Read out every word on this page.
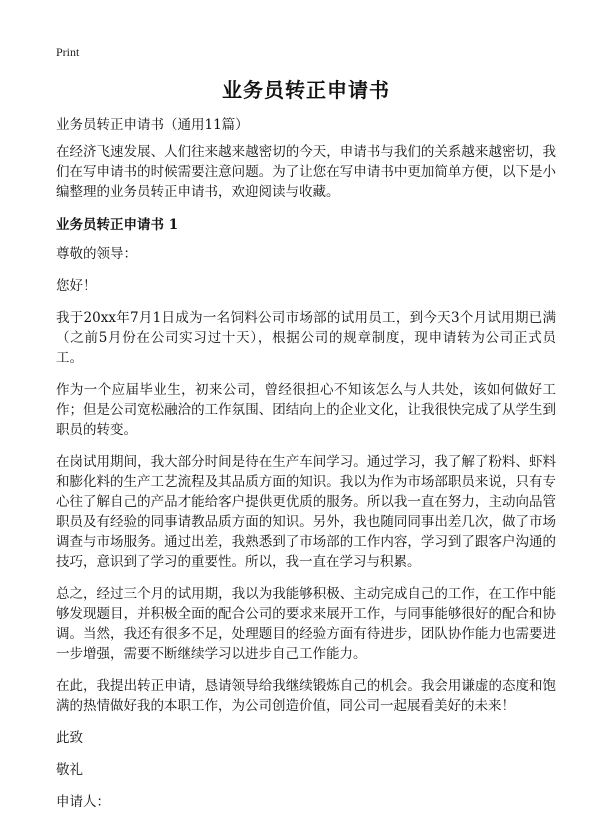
Print
业务员转正申请书
业务员转正申请书（通用11篇）
在经济飞速发展、人们往来越来越密切的今天，申请书与我们的关系越来越密切，我们在写申请书的时候需要注意问题。为了让您在写申请书中更加简单方便，以下是小编整理的业务员转正申请书，欢迎阅读与收藏。
业务员转正申请书 1
尊敬的领导：
您好！
我于20xx年7月1日成为一名饲料公司市场部的试用员工，到今天3个月试用期已满（之前5月份在公司实习过十天），根据公司的规章制度，现申请转为公司正式员工。
作为一个应届毕业生，初来公司，曾经很担心不知该怎么与人共处，该如何做好工作；但是公司宽松融洽的工作氛围、团结向上的企业文化，让我很快完成了从学生到职员的转变。
在岗试用期间，我大部分时间是待在生产车间学习。通过学习，我了解了粉料、虾料和膨化料的生产工艺流程及其品质方面的知识。我以为作为市场部职员来说，只有专心往了解自己的产品才能给客户提供更优质的服务。所以我一直在努力，主动向品管职员及有经验的同事请教品质方面的知识。另外，我也随同同事出差几次，做了市场调查与市场服务。通过出差，我熟悉到了市场部的工作内容，学习到了跟客户沟通的技巧，意识到了学习的重要性。所以，我一直在学习与积累。
总之，经过三个月的试用期，我以为我能够积极、主动完成自己的工作，在工作中能够发现题目，并积极全面的配合公司的要求来展开工作，与同事能够很好的配合和协调。当然，我还有很多不足，处理题目的经验方面有待进步，团队协作能力也需要进一步增强，需要不断继续学习以进步自己工作能力。
在此，我提出转正申请，恳请领导给我继续锻炼自己的机会。我会用谦虚的态度和饱满的热情做好我的本职工作，为公司创造价值，同公司一起展看美好的未来！
此致
敬礼
申请人：
